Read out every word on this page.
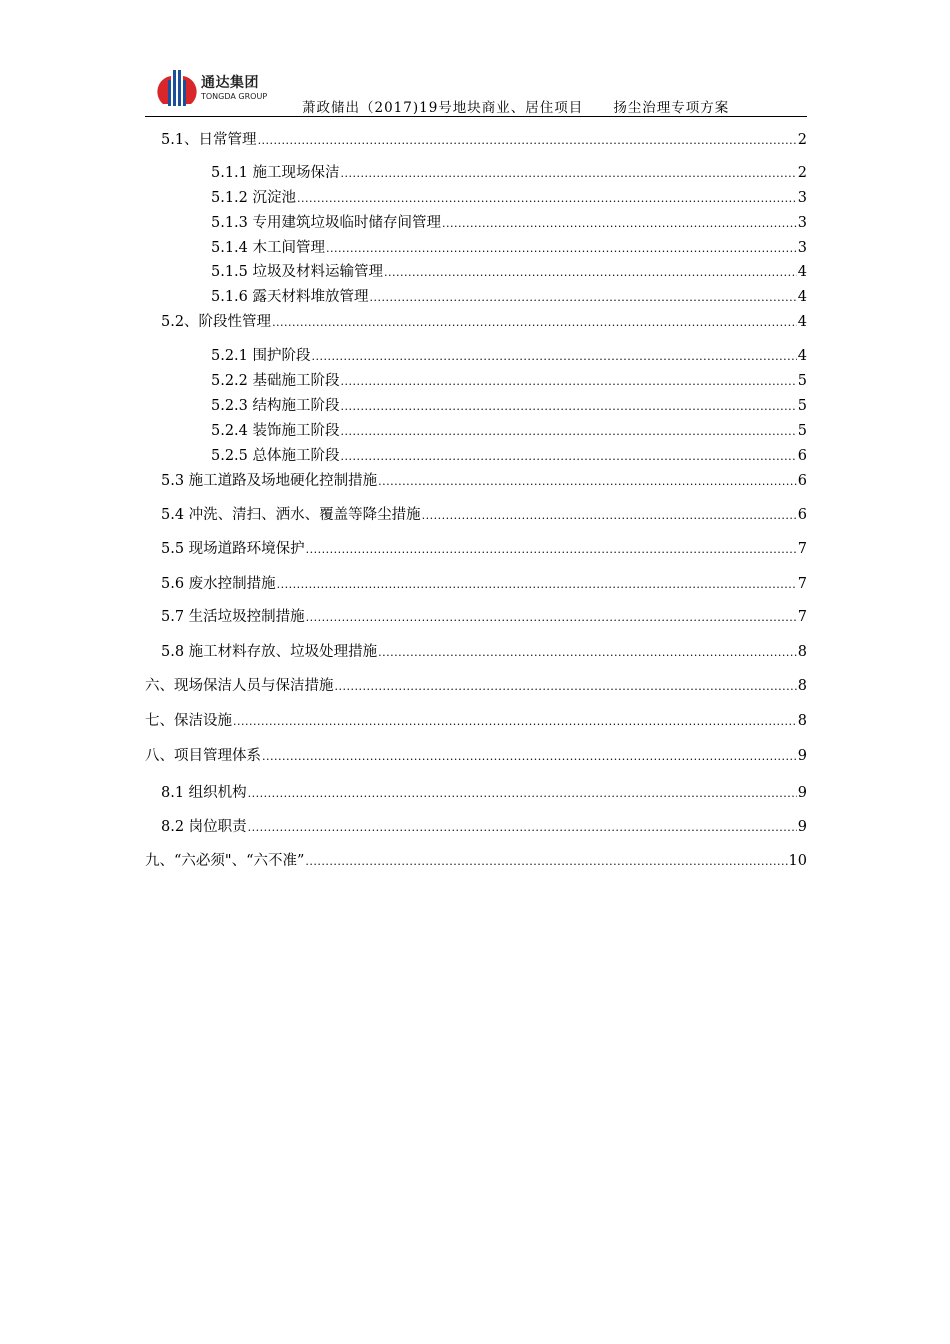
通达集团
TONGDA GROUP
萧政储出（2017)19号地块商业、居住项目 扬尘治理专项方案
5.1、日常管理 .....	2
5.1.1 施工现场保洁 .....	2
5.1.2 沉淀池 .....	3
5.1.3 专用建筑垃圾临时储存间管理 .....	3
5.1.4 木工间管理 .....	3
5.1.5 垃圾及材料运输管理 .....	4
5.1.6 露天材料堆放管理 .....	4
5.2、阶段性管理 .....	4
5.2.1 围护阶段 .....	4
5.2.2 基础施工阶段 .....	5
5.2.3 结构施工阶段 .....	5
5.2.4 装饰施工阶段 .....	5
5.2.5 总体施工阶段 .....	6
5.3 施工道路及场地硬化控制措施 .....	6
5.4 冲洗、清扫、洒水、覆盖等降尘措施 .....	6
5.5 现场道路环境保护 .....	7
5.6 废水控制措施 .....	7
5.7 生活垃圾控制措施 .....	7
5.8 施工材料存放、垃圾处理措施 .....	8
六、现场保洁人员与保洁措施 .....	8
七、保洁设施 .....	8
八、项目管理体系 .....	9
8.1 组织机构 .....	9
8.2 岗位职责 .....	9
九、“六必须"、“六不准” .....	10
